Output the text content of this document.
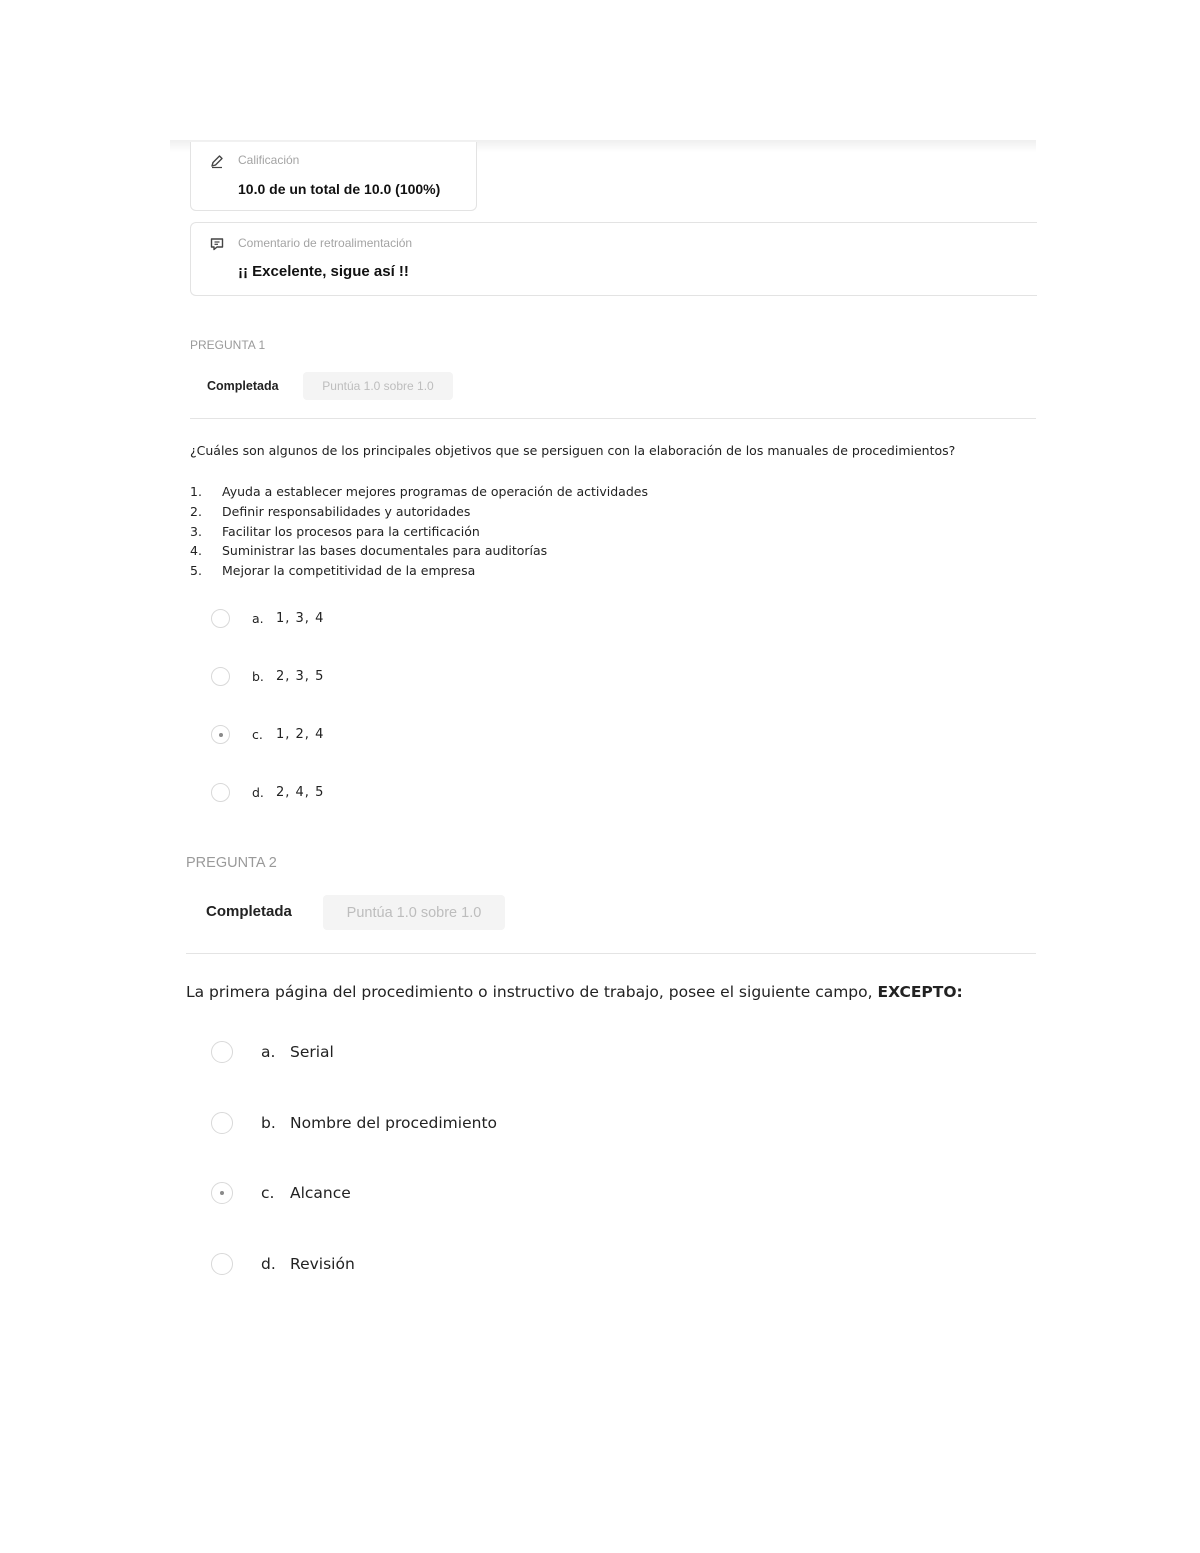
Calificación
10.0 de un total de 10.0 (100%)
Comentario de retroalimentación
¡¡ Excelente, sigue así !!
PREGUNTA 1
Completada	Puntúa 1.0 sobre 1.0
¿Cuáles son algunos de los principales objetivos que se persiguen con la elaboración de los manuales de procedimientos?
1. Ayuda a establecer mejores programas de operación de actividades
2. Definir responsabilidades y autoridades
3. Facilitar los procesos para la certificación
4. Suministrar las bases documentales para auditorías
5. Mejorar la competitividad de la empresa
a. 1, 3, 4
b. 2, 3, 5
c.	1, 2, 4
d. 2, 4, 5
PREGUNTA 2
Completada	Puntúa 1.0 sobre 1.0
La primera página del procedimiento o instructivo de trabajo, posee el siguiente campo, EXCEPTO:
a. Serial
b. Nombre del procedimiento
c.	Alcance
d. Revisión
